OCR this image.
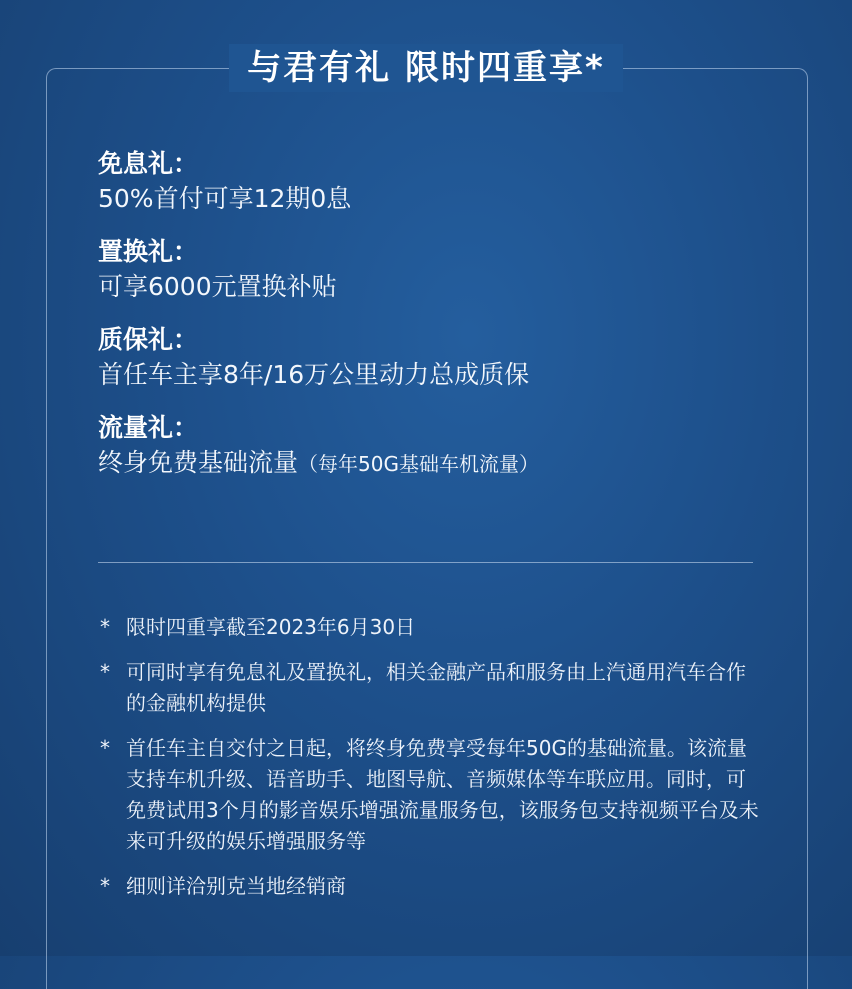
与君有礼 限时四重享*
免息礼：
50%首付可享12期0息
置换礼：
可享6000元置换补贴
质保礼：
首任车主享8年/16万公里动力总成质保
流量礼：
终身免费基础流量（每年50G基础车机流量）
* 限时四重享截至2023年6月30日
* 可同时享有免息礼及置换礼，相关金融产品和服务由上汽通用汽车合作的金融机构提供
* 首任车主自交付之日起，将终身免费享受每年50G的基础流量。该流量支持车机升级、语音助手、地图导航、音频媒体等车联应用。同时，可免费试用3个月的影音娱乐增强流量服务包，该服务包支持视频平台及未来可升级的娱乐增强服务等
* 细则详洽别克当地经销商
